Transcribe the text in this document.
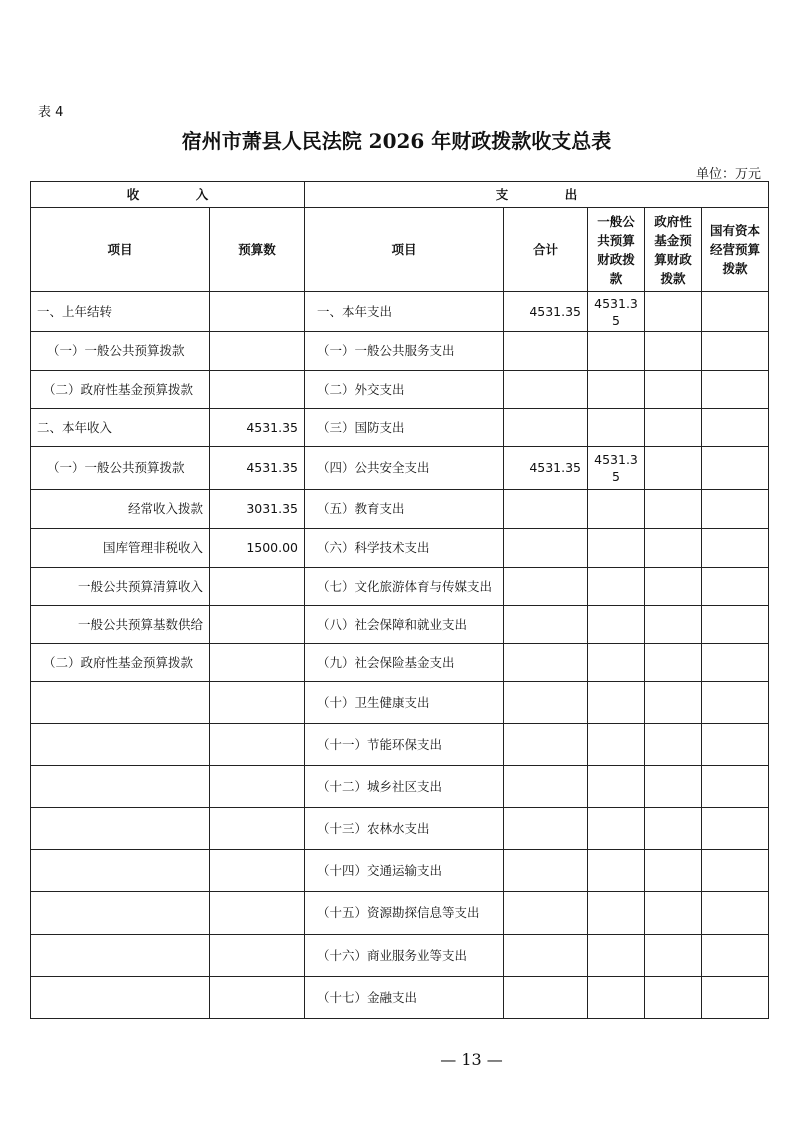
表 4
宿州市萧县人民法院 2026 年财政拨款收支总表
单位：万元
收　入		支　出				
项目	预算数	项目	合计	一般公共预算财政拨款	政府性基金预算财政拨款	国有资本经营预算拨款
一、上年结转		一、本年支出	4531.35	4531.35		
（一）一般公共预算拨款		（一）一般公共服务支出				
（二）政府性基金预算拨款		（二）外交支出				
二、本年收入	4531.35	（三）国防支出				
（一）一般公共预算拨款	4531.35	（四）公共安全支出	4531.35	4531.35		
经常收入拨款	3031.35	（五）教育支出				
国库管理非税收入	1500.00	（六）科学技术支出				
一般公共预算清算收入		（七）文化旅游体育与传媒支出				
一般公共预算基数供给		（八）社会保障和就业支出				
（二）政府性基金预算拨款		（九）社会保险基金支出				
		（十）卫生健康支出				
		（十一）节能环保支出				
		（十二）城乡社区支出				
		（十三）农林水支出				
		（十四）交通运输支出				
		（十五）资源勘探信息等支出				
		（十六）商业服务业等支出				
		（十七）金融支出				
— 13 —
